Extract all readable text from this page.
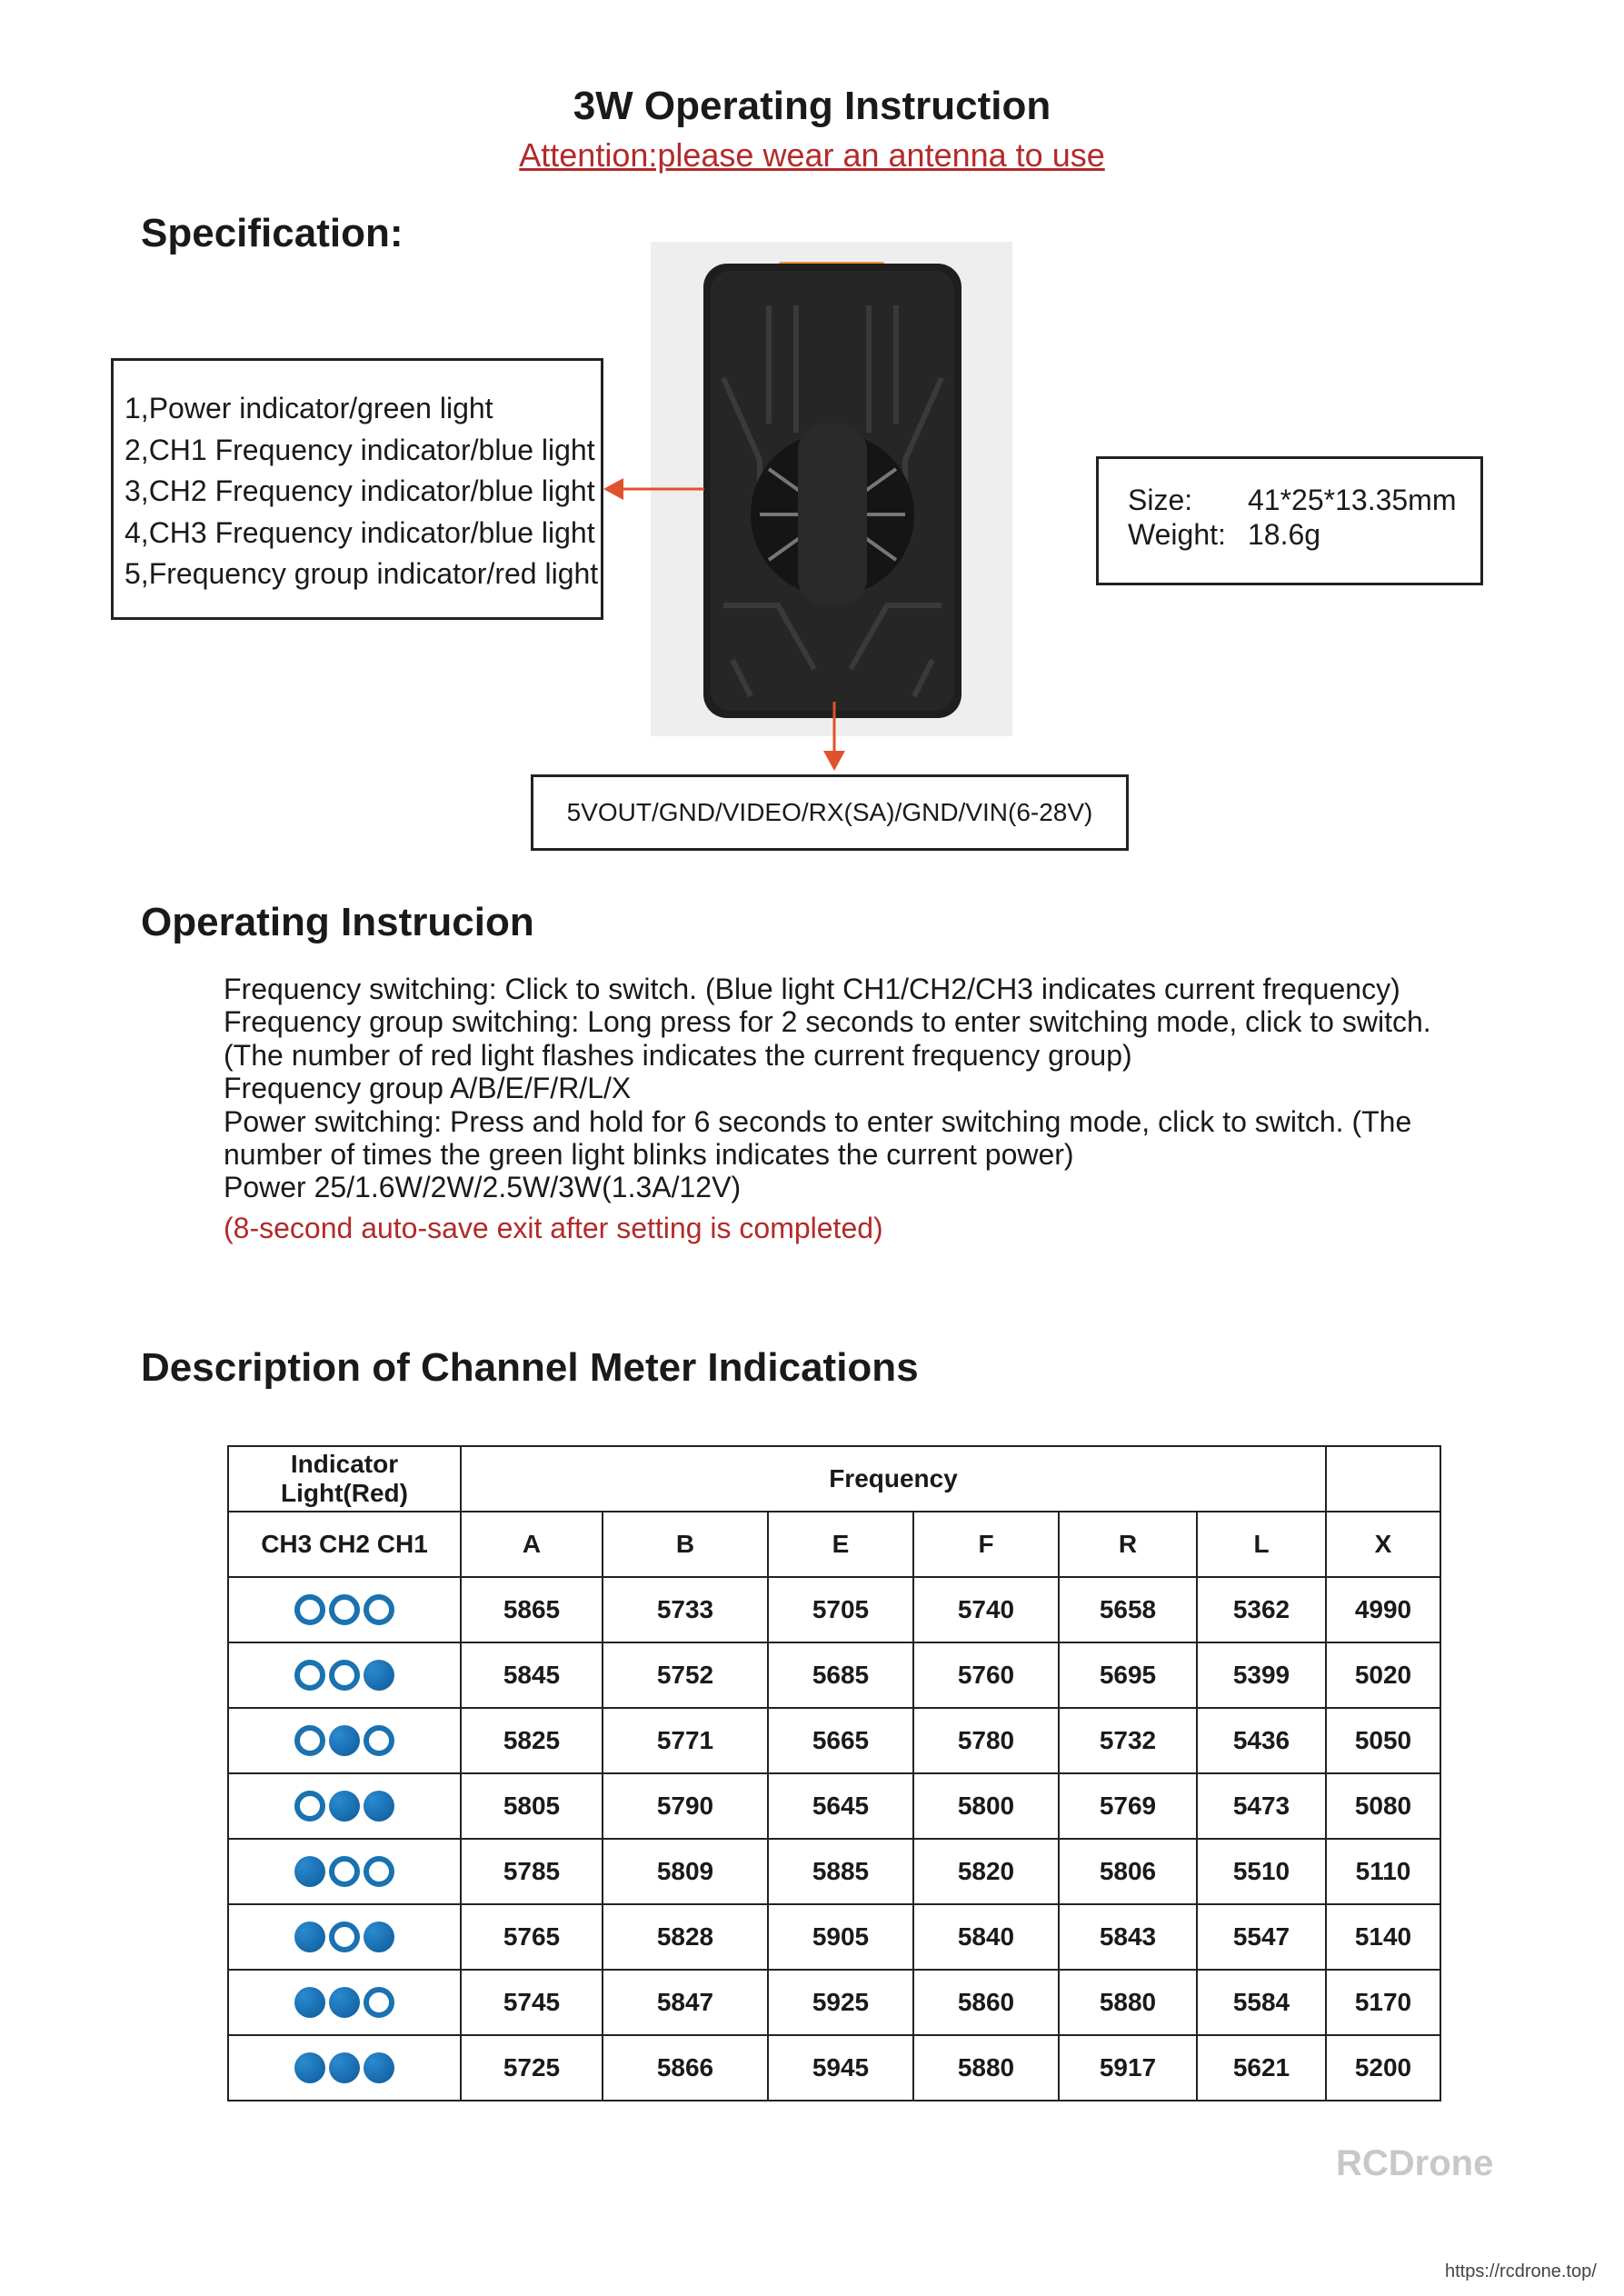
3W Operating Instruction
Attention:please wear an antenna to use
Specification:
1,Power indicator/green light
2,CH1 Frequency indicator/blue light
3,CH2 Frequency indicator/blue light
4,CH3 Frequency indicator/blue light
5,Frequency group indicator/red light
Size: 41*25*13.35mm
Weight: 18.6g
5VOUT/GND/VIDEO/RX(SA)/GND/VIN(6-28V)
Operating Instrucion
Frequency switching: Click to switch. (Blue light CH1/CH2/CH3 indicates current frequency)
Frequency group switching: Long press for 2 seconds to enter switching mode, click to switch.
(The number of red light flashes indicates the current frequency group)
Frequency group A/B/E/F/R/L/X
Power switching: Press and hold for 6 seconds to enter switching mode, click to switch. (The
number of times the green light blinks indicates the current power)
Power 25/1.6W/2W/2.5W/3W(1.3A/12V)
(8-second auto-save exit after setting is completed)
Description of Channel Meter Indications
Indicator Light(Red)	Frequency						
CH3 CH2 CH1	A	B	E	F	R	L	X

	5865	5733	5705	5740	5658	5362	4990

	5845	5752	5685	5760	5695	5399	5020

	5825	5771	5665	5780	5732	5436	5050

	5805	5790	5645	5800	5769	5473	5080

	5785	5809	5885	5820	5806	5510	5110

	5765	5828	5905	5840	5843	5547	5140

	5745	5847	5925	5860	5880	5584	5170

	5725	5866	5945	5880	5917	5621	5200
RCDrone
https://rcdrone.top/
